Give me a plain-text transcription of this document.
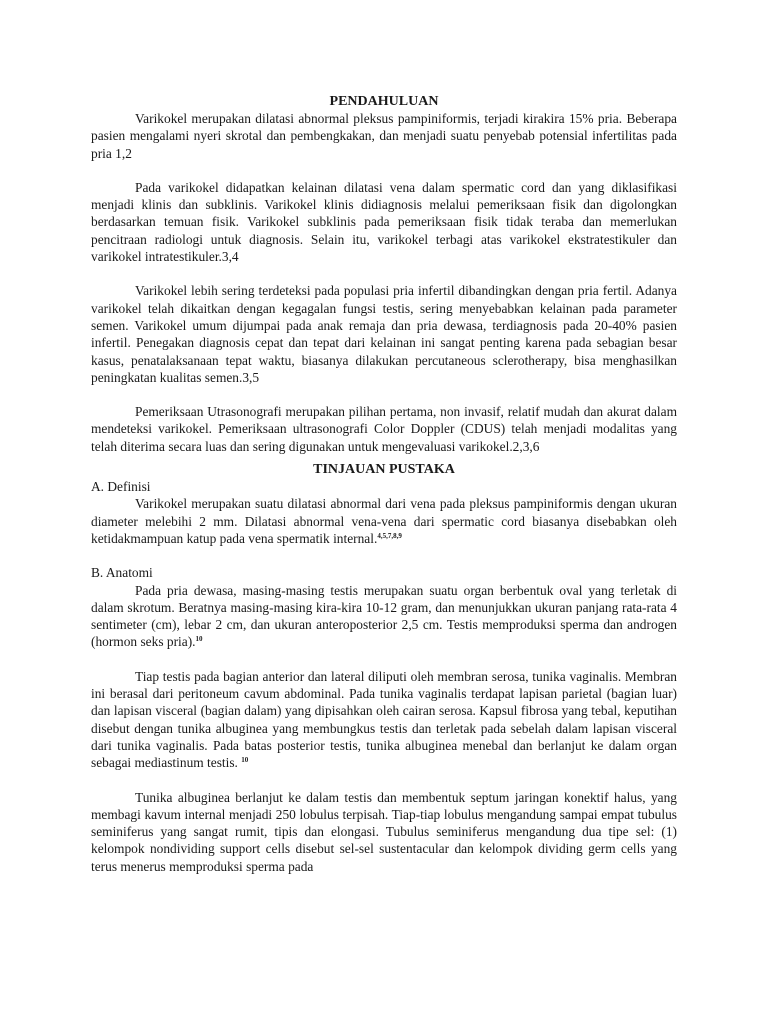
PENDAHULUAN

Varikokel merupakan dilatasi abnormal pleksus pampiniformis, terjadi kirakira 15% pria. Beberapa pasien mengalami nyeri skrotal dan pembengkakan, dan menjadi suatu penyebab potensial infertilitas pada pria 1,2

Pada varikokel didapatkan kelainan dilatasi vena dalam spermatic cord dan yang diklasifikasi menjadi klinis dan subklinis. Varikokel klinis didiagnosis melalui pemeriksaan fisik dan digolongkan berdasarkan temuan fisik. Varikokel subklinis pada pemeriksaan fisik tidak teraba dan memerlukan pencitraan radiologi untuk diagnosis. Selain itu, varikokel terbagi atas varikokel ekstratestikuler dan varikokel intratestikuler.3,4

Varikokel lebih sering terdeteksi pada populasi pria infertil dibandingkan dengan pria fertil. Adanya varikokel telah dikaitkan dengan kegagalan fungsi testis, sering menyebabkan kelainan pada parameter semen. Varikokel umum dijumpai pada anak remaja dan pria dewasa, terdiagnosis pada 20-40% pasien infertil. Penegakan diagnosis cepat dan tepat dari kelainan ini sangat penting karena pada sebagian besar kasus, penatalaksanaan tepat waktu, biasanya dilakukan percutaneous sclerotherapy, bisa menghasilkan peningkatan kualitas semen.3,5

Pemeriksaan Utrasonografi merupakan pilihan pertama, non invasif, relatif mudah dan akurat dalam mendeteksi varikokel. Pemeriksaan ultrasonografi Color Doppler (CDUS) telah menjadi modalitas yang telah diterima secara luas dan sering digunakan untuk mengevaluasi varikokel.2,3,6

TINJAUAN PUSTAKA
A. Definisi

Varikokel merupakan suatu dilatasi abnormal dari vena pada pleksus pampiniformis dengan ukuran diameter melebihi 2 mm. Dilatasi abnormal vena-vena dari spermatic cord biasanya disebabkan oleh ketidakmampuan katup pada vena spermatik internal.$^{4,5,7,8,9}$

B. Anatomi

Pada pria dewasa, masing-masing testis merupakan suatu organ berbentuk oval yang terletak di dalam skrotum. Beratnya masing-masing kira-kira 10-12 gram, dan menunjukkan ukuran panjang rata-rata 4 sentimeter (cm), lebar 2 cm, dan ukuran anteroposterior 2,5 cm. Testis memproduksi sperma dan androgen (hormon seks pria).$^{10}$

Tiap testis pada bagian anterior dan lateral diliputi oleh membran serosa, tunika vaginalis. Membran ini berasal dari peritoneum cavum abdominal. Pada tunika vaginalis terdapat lapisan parietal (bagian luar) dan lapisan visceral (bagian dalam) yang dipisahkan oleh cairan serosa. Kapsul fibrosa yang tebal, keputihan disebut dengan tunika albuginea yang membungkus testis dan terletak pada sebelah dalam lapisan visceral dari tunika vaginalis. Pada batas posterior testis, tunika albuginea menebal dan berlanjut ke dalam organ sebagai mediastinum testis. $^{10}$

Tunika albuginea berlanjut ke dalam testis dan membentuk septum jaringan konektif halus, yang membagi kavum internal menjadi 250 lobulus terpisah. Tiap-tiap lobulus mengandung sampai empat tubulus seminiferus yang sangat rumit, tipis dan elongasi. Tubulus seminiferus mengandung dua tipe sel: (1) kelompok nondividing support cells disebut sel-sel sustentacular dan kelompok dividing germ cells yang terus menerus memproduksi sperma pada
